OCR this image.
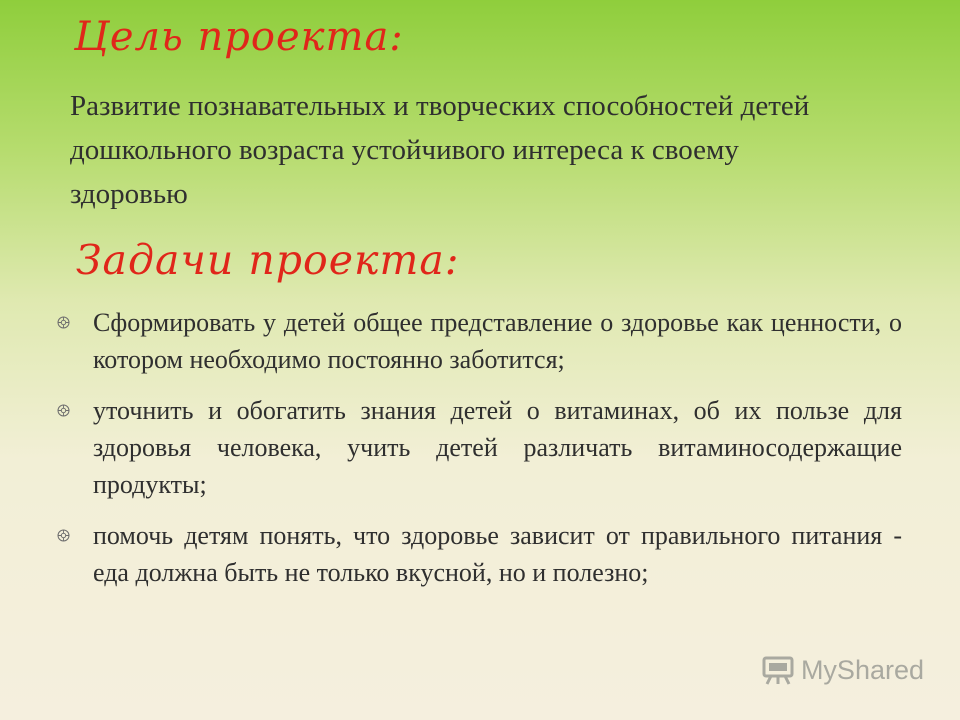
Цель проекта:

Развитие познавательных и творческих способностей детей дошкольного возраста устойчивого интереса к своему здоровью

Задачи проекта:
Сформировать у детей общее представление о здоровье как ценности, о котором необходимо постоянно заботится;
уточнить и обогатить знания детей о витаминах, об их пользе для здоровья человека, учить детей различать витаминосодержащие продукты;
помочь детям понять, что здоровье зависит от правильного питания - еда должна быть не только вкусной, но и полезно;
MyShared
